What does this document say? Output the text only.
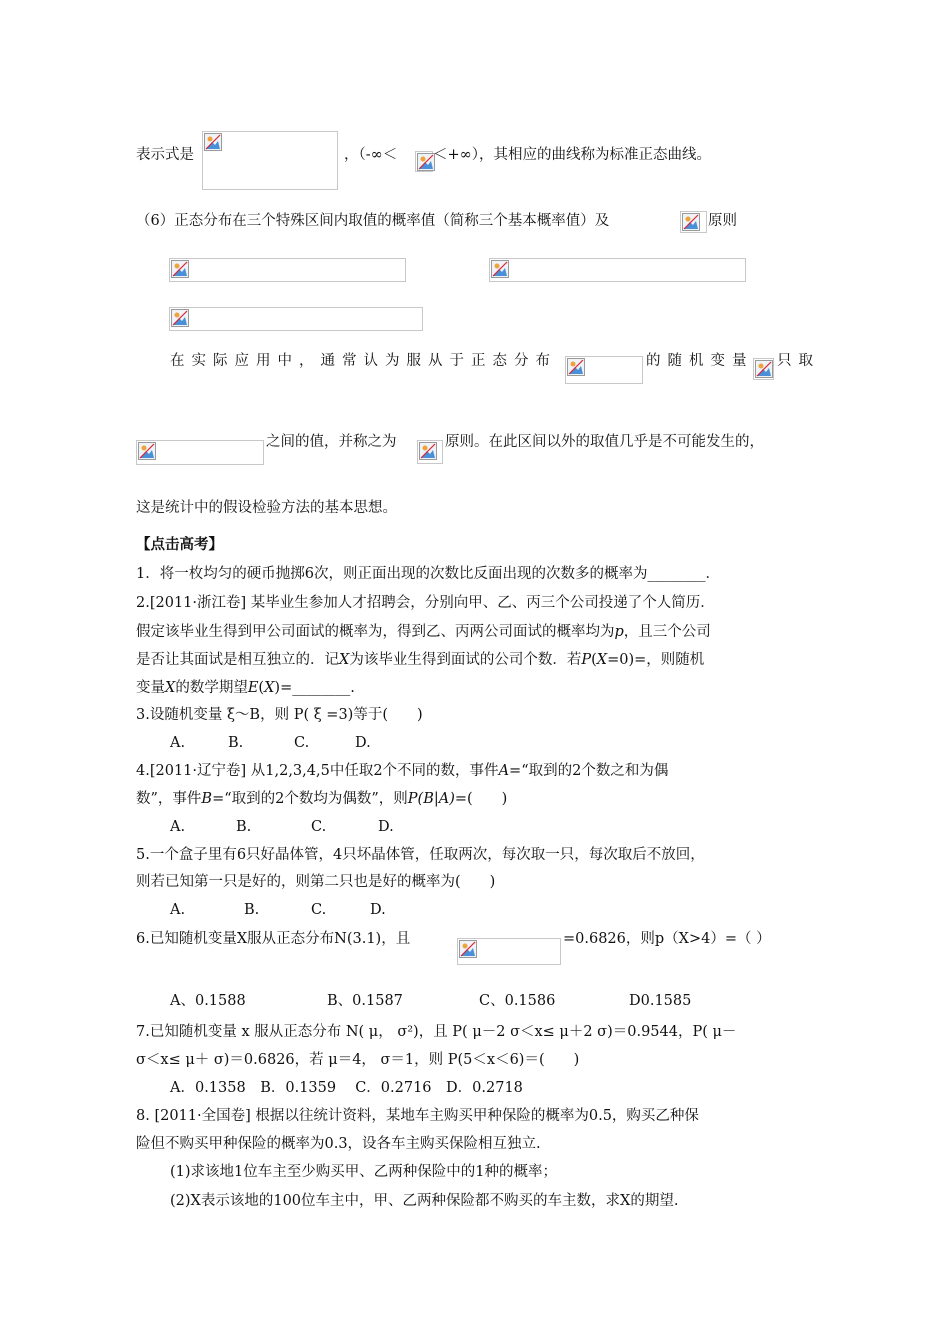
表示式是	，（-∞＜ ＜+∞），其相应的曲线称为标准正态曲线。
（6）正态分布在三个特殊区间内取值的概率值（简称三个基本概率值）及	原则
在实际应用中，通常认为服从于正态分布	的随机变量 只取
之间的值，并称之为	原则。在此区间以外的取值几乎是不可能发生的，
这是统计中的假设检验方法的基本思想。
【点击高考】
1．将一枚均匀的硬币抛掷6次，则正面出现的次数比反面出现的次数多的概率为________．
2.[2011·浙江卷] 某毕业生参加人才招聘会，分别向甲、乙、丙三个公司投递了个人简历．
假定该毕业生得到甲公司面试的概率为，得到乙、丙两公司面试的概率均为p，且三个公司
是否让其面试是相互独立的．记X为该毕业生得到面试的公司个数．若P(X=0)=，则随机
变量X的数学期望E(X)=________.
3.设随机变量 ξ～B，则 P( ξ =3)等于(　　)
A.	B.	C.	D.
4.[2011·辽宁卷] 从1,2,3,4,5中任取2个不同的数，事件A=“取到的2个数之和为偶
数”，事件B=“取到的2个数均为偶数”，则P(B|A)=(　　)
A.	B.	C.	D.
5.一个盒子里有6只好晶体管，4只坏晶体管，任取两次，每次取一只，每次取后不放回，
则若已知第一只是好的，则第二只也是好的概率为(　　)
A.	B.	C.	D.
6.已知随机变量X服从正态分布N(3.1)，且	=0.6826，则p（X>4）=（ ）
A、0.1588	B、0.1587	C、0.1586	D0.1585
7.已知随机变量 x 服从正态分布 N( μ， σ²)，且 P( μ－2 σ＜x≤ μ＋2 σ)＝0.9544，P( μ－
σ＜x≤ μ＋ σ)＝0.6826，若 μ＝4， σ＝1，则 P(5＜x＜6)＝(　　)
A．0.1358　B．0.1359　 C．0.2716　D．0.2718
8. [2011·全国卷] 根据以往统计资料，某地车主购买甲种保险的概率为0.5，购买乙种保
险但不购买甲种保险的概率为0.3，设各车主购买保险相互独立.
(1)求该地1位车主至少购买甲、乙两种保险中的1种的概率；
(2)X表示该地的100位车主中，甲、乙两种保险都不购买的车主数，求X的期望.
